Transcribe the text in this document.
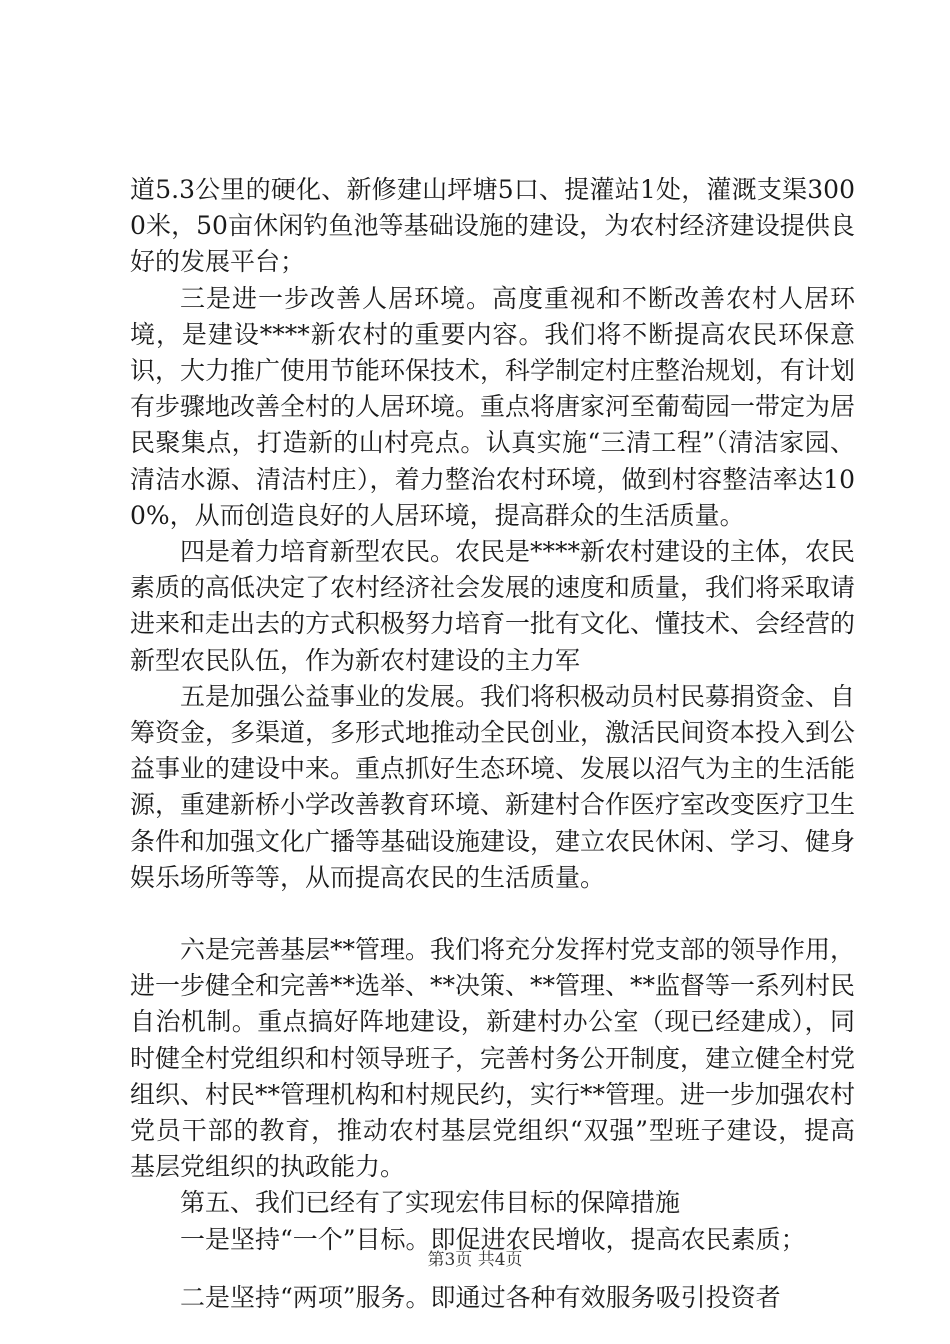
道5.3公里的硬化、新修建山坪塘5口、提灌站1处，灌溉支渠3000米，50亩休闲钓鱼池等基础设施的建设，为农村经济建设提供良好的发展平台；

三是进一步改善人居环境。高度重视和不断改善农村人居环境，是建设****新农村的重要内容。我们将不断提高农民环保意识，大力推广使用节能环保技术，科学制定村庄整治规划，有计划有步骤地改善全村的人居环境。重点将唐家河至葡萄园一带定为居民聚集点，打造新的山村亮点。认真实施“三清工程”（清洁家园、清洁水源、清洁村庄），着力整治农村环境，做到村容整洁率达100%，从而创造良好的人居环境，提高群众的生活质量。

四是着力培育新型农民。农民是****新农村建设的主体，农民素质的高低决定了农村经济社会发展的速度和质量，我们将采取请进来和走出去的方式积极努力培育一批有文化、懂技术、会经营的新型农民队伍，作为新农村建设的主力军

五是加强公益事业的发展。我们将积极动员村民募捐资金、自筹资金，多渠道，多形式地推动全民创业，激活民间资本投入到公益事业的建设中来。重点抓好生态环境、发展以沼气为主的生活能源，重建新桥小学改善教育环境、新建村合作医疗室改变医疗卫生条件和加强文化广播等基础设施建设，建立农民休闲、学习、健身娱乐场所等等，从而提高农民的生活质量。

六是完善基层**管理。我们将充分发挥村党支部的领导作用，进一步健全和完善**选举、**决策、**管理、**监督等一系列村民自治机制。重点搞好阵地建设，新建村办公室（现已经建成），同时健全村党组织和村领导班子，完善村务公开制度，建立健全村党组织、村民**管理机构和村规民约，实行**管理。进一步加强农村党员干部的教育，推动农村基层党组织“双强”型班子建设，提高基层党组织的执政能力。

第五、我们已经有了实现宏伟目标的保障措施

一是坚持“一个”目标。即促进农民增收，提高农民素质；

二是坚持“两项”服务。即通过各种有效服务吸引投资者

第3页 共4页
